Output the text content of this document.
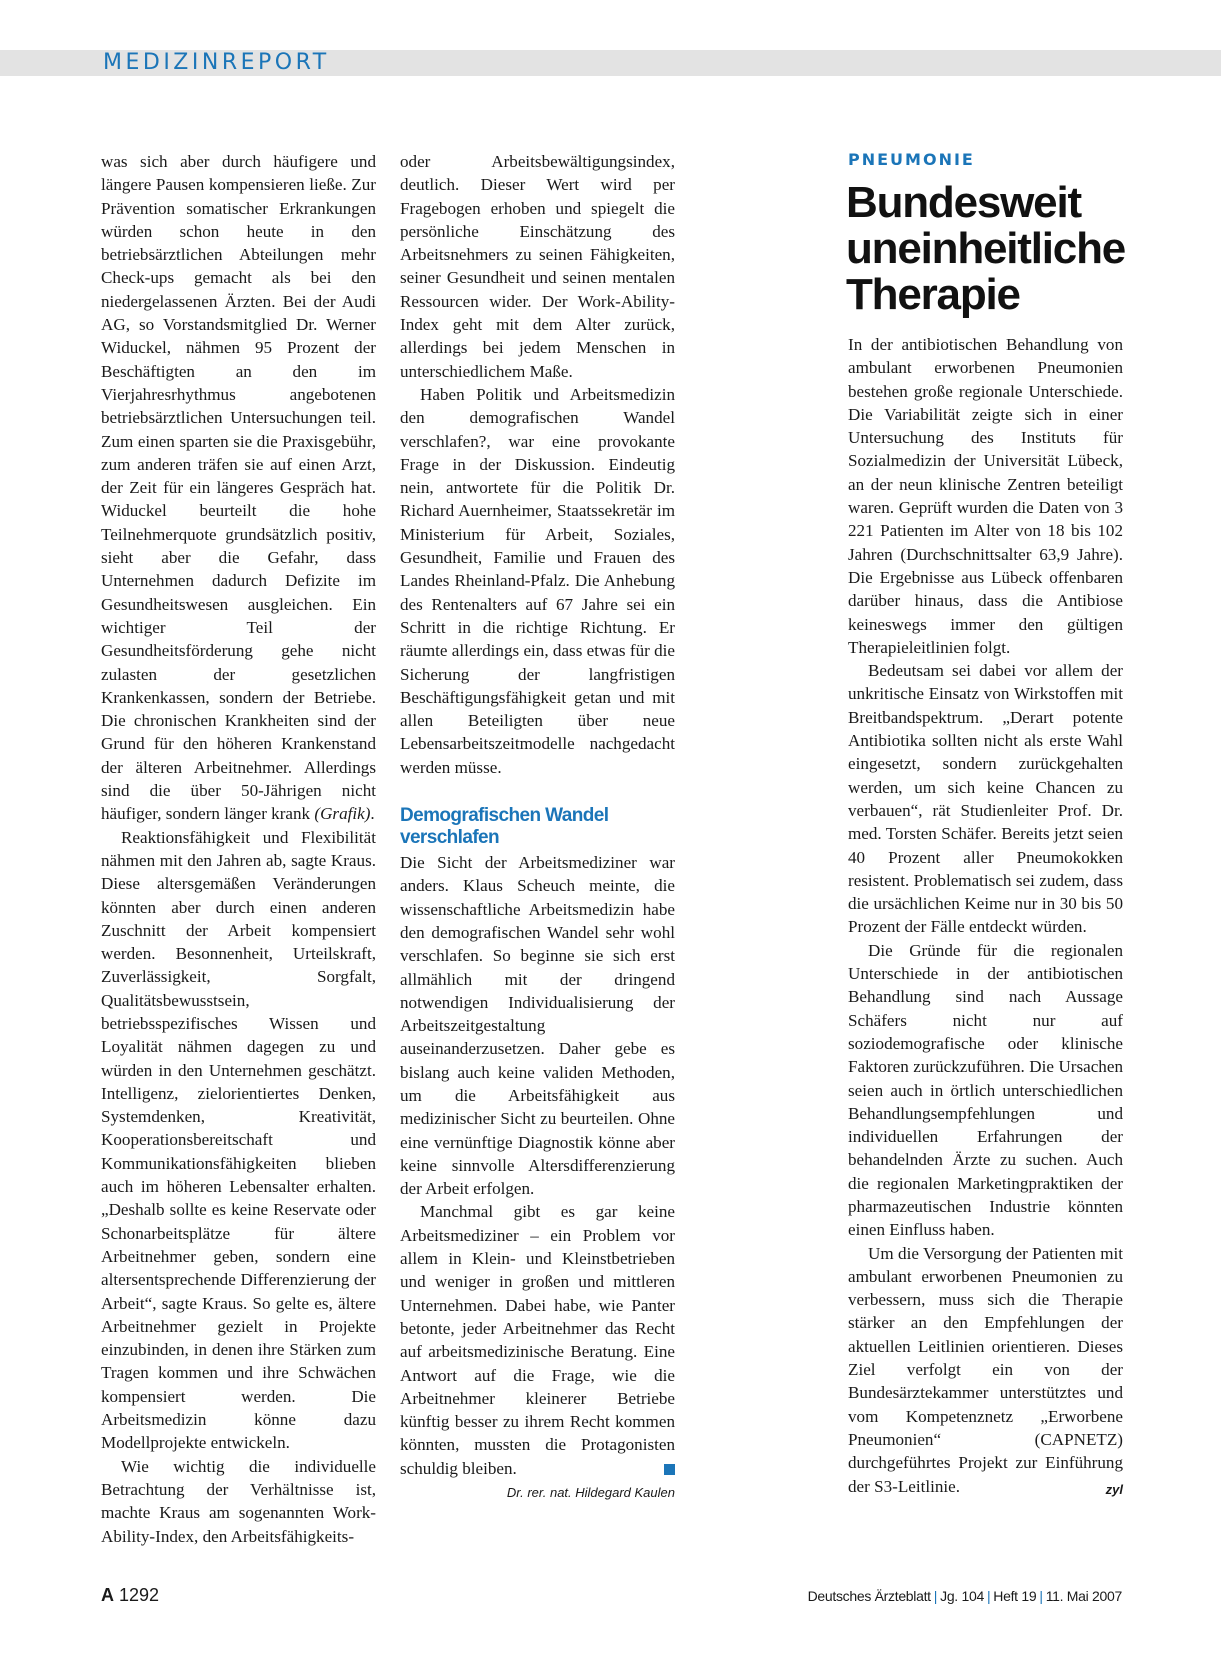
MEDIZINREPORT

was sich aber durch häufigere und längere Pausen kompensieren ließe. Zur Prävention somatischer Erkrankungen würden schon heute in den betriebsärztlichen Abteilungen mehr Check-ups gemacht als bei den niedergelassenen Ärzten. Bei der Audi AG, so Vorstandsmitglied Dr. Werner Widuckel, nähmen 95 Prozent der Beschäftigten an den im Vierjahresrhythmus angebotenen betriebsärztlichen Untersuchungen teil. Zum einen sparten sie die Praxisgebühr, zum anderen träfen sie auf einen Arzt, der Zeit für ein längeres Gespräch hat. Widuckel beurteilt die hohe Teilnehmerquote grundsätzlich positiv, sieht aber die Gefahr, dass Unternehmen dadurch Defizite im Gesundheitswesen ausgleichen. Ein wichtiger Teil der Gesundheitsförderung gehe nicht zulasten der gesetzlichen Krankenkassen, sondern der Betriebe. Die chronischen Krankheiten sind der Grund für den höheren Krankenstand der älteren Arbeitnehmer. Allerdings sind die über 50-Jährigen nicht häufiger, sondern länger krank (Grafik).

Reaktionsfähigkeit und Flexibilität nähmen mit den Jahren ab, sagte Kraus. Diese altersgemäßen Veränderungen könnten aber durch einen anderen Zuschnitt der Arbeit kompensiert werden. Besonnenheit, Urteilskraft, Zuverlässigkeit, Sorgfalt, Qualitätsbewusstsein, betriebsspezifisches Wissen und Loyalität nähmen dagegen zu und würden in den Unternehmen geschätzt. Intelligenz, zielorientiertes Denken, Systemdenken, Kreativität, Kooperationsbereitschaft und Kommunikationsfähigkeiten blieben auch im höheren Lebensalter erhalten. „Deshalb sollte es keine Reservate oder Schonarbeitsplätze für ältere Arbeitnehmer geben, sondern eine altersentsprechende Differenzierung der Arbeit“, sagte Kraus. So gelte es, ältere Arbeitnehmer gezielt in Projekte einzubinden, in denen ihre Stärken zum Tragen kommen und ihre Schwächen kompensiert werden. Die Arbeitsmedizin könne dazu Modellprojekte entwickeln.

Wie wichtig die individuelle Betrachtung der Verhältnisse ist, machte Kraus am sogenannten Work-Ability-Index, den Arbeitsfähigkeits-

oder Arbeitsbewältigungsindex, deutlich. Dieser Wert wird per Fragebogen erhoben und spiegelt die persönliche Einschätzung des Arbeitsnehmers zu seinen Fähigkeiten, seiner Gesundheit und seinen mentalen Ressourcen wider. Der Work-Ability-Index geht mit dem Alter zurück, allerdings bei jedem Menschen in unterschiedlichem Maße.

Haben Politik und Arbeitsmedizin den demografischen Wandel verschlafen?, war eine provokante Frage in der Diskussion. Eindeutig nein, antwortete für die Politik Dr. Richard Auernheimer, Staatssekretär im Ministerium für Arbeit, Soziales, Gesundheit, Familie und Frauen des Landes Rheinland-Pfalz. Die Anhebung des Rentenalters auf 67 Jahre sei ein Schritt in die richtige Richtung. Er räumte allerdings ein, dass etwas für die Sicherung der langfristigen Beschäftigungsfähigkeit getan und mit allen Beteiligten über neue Lebensarbeitszeitmodelle nachgedacht werden müsse.

Demografischen Wandel verschlafen

Die Sicht der Arbeitsmediziner war anders. Klaus Scheuch meinte, die wissenschaftliche Arbeitsmedizin habe den demografischen Wandel sehr wohl verschlafen. So beginne sie sich erst allmählich mit der dringend notwendigen Individualisierung der Arbeitszeitgestaltung auseinanderzusetzen. Daher gebe es bislang auch keine validen Methoden, um die Arbeitsfähigkeit aus medizinischer Sicht zu beurteilen. Ohne eine vernünftige Diagnostik könne aber keine sinnvolle Altersdifferenzierung der Arbeit erfolgen.

Manchmal gibt es gar keine Arbeitsmediziner – ein Problem vor allem in Klein- und Kleinstbetrieben und weniger in großen und mittleren Unternehmen. Dabei habe, wie Panter betonte, jeder Arbeitnehmer das Recht auf arbeitsmedizinische Beratung. Eine Antwort auf die Frage, wie die Arbeitnehmer kleinerer Betriebe künftig besser zu ihrem Recht kommen könnten, mussten die Protagonisten schuldig bleiben.

Dr. rer. nat. Hildegard Kaulen
PNEUMONIE
Bundesweit uneinheitliche Therapie

In der antibiotischen Behandlung von ambulant erworbenen Pneumonien bestehen große regionale Unterschiede. Die Variabilität zeigte sich in einer Untersuchung des Instituts für Sozialmedizin der Universität Lübeck, an der neun klinische Zentren beteiligt waren. Geprüft wurden die Daten von 3 221 Patienten im Alter von 18 bis 102 Jahren (Durchschnittsalter 63,9 Jahre). Die Ergebnisse aus Lübeck offenbaren darüber hinaus, dass die Antibiose keineswegs immer den gültigen Therapieleitlinien folgt.

Bedeutsam sei dabei vor allem der unkritische Einsatz von Wirkstoffen mit Breitbandspektrum. „Derart potente Antibiotika sollten nicht als erste Wahl eingesetzt, sondern zurückgehalten werden, um sich keine Chancen zu verbauen“, rät Studienleiter Prof. Dr. med. Torsten Schäfer. Bereits jetzt seien 40 Prozent aller Pneumokokken resistent. Problematisch sei zudem, dass die ursächlichen Keime nur in 30 bis 50 Prozent der Fälle entdeckt würden.

Die Gründe für die regionalen Unterschiede in der antibiotischen Behandlung sind nach Aussage Schäfers nicht nur auf soziodemografische oder klinische Faktoren zurückzuführen. Die Ursachen seien auch in örtlich unterschiedlichen Behandlungsempfehlungen und individuellen Erfahrungen der behandelnden Ärzte zu suchen. Auch die regionalen Marketingpraktiken der pharmazeutischen Industrie könnten einen Einfluss haben.

Um die Versorgung der Patienten mit ambulant erworbenen Pneumonien zu verbessern, muss sich die Therapie stärker an den Empfehlungen der aktuellen Leitlinien orientieren. Dieses Ziel verfolgt ein von der Bundesärztekammer unterstütztes und vom Kompetenznetz „Erworbene Pneumonien“ (CAPNETZ) durchgeführtes Projekt zur Einführung der S3-Leitlinie.	zyl

A 1292	Deutsches Ärzteblatt | Jg. 104 | Heft 19 | 11. Mai 2007
